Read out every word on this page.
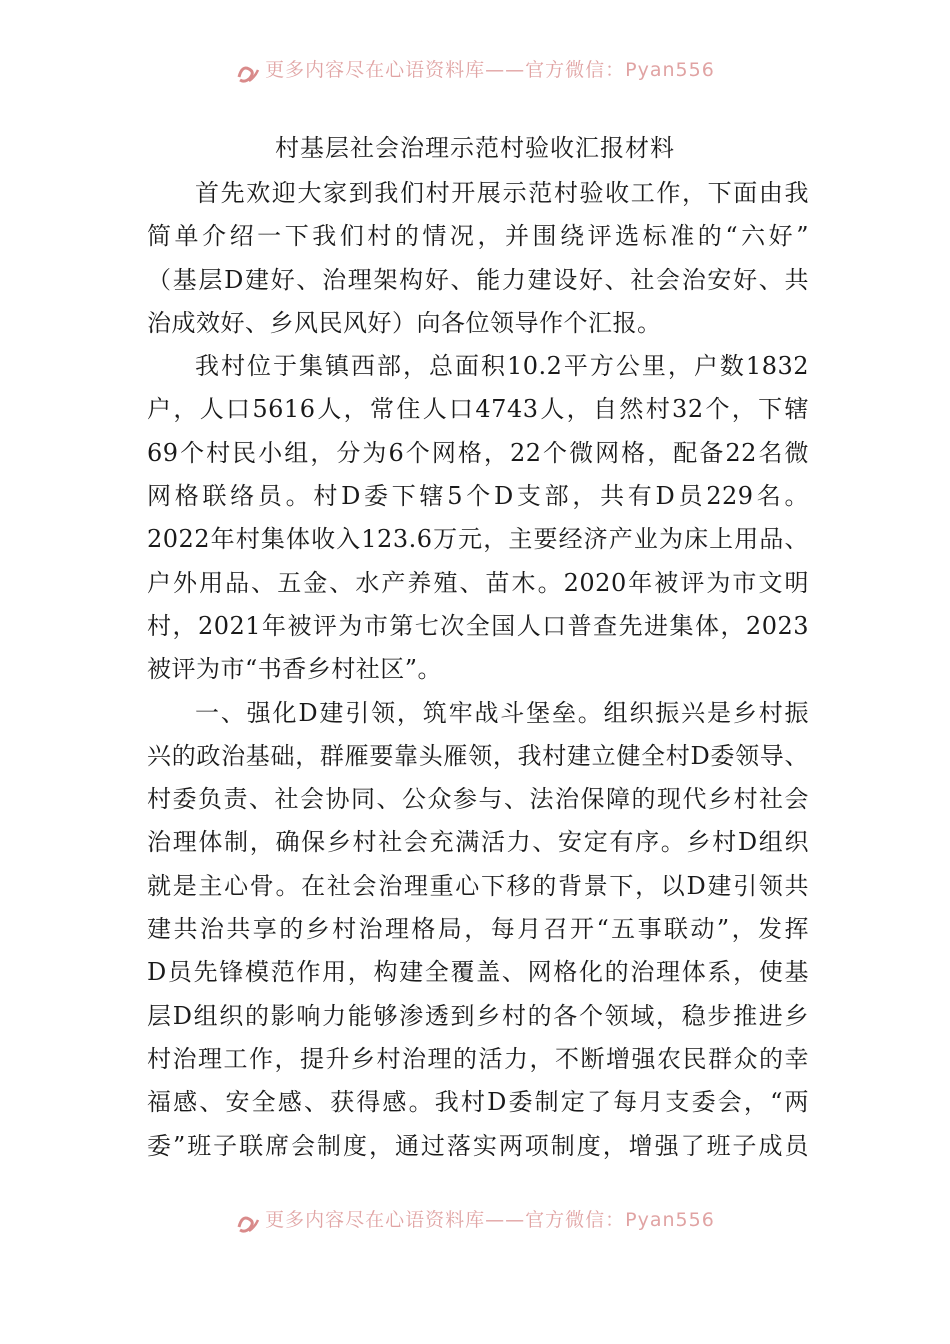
更多内容尽在心语资料库——官方微信：Pyan556
村基层社会治理示范村验收汇报材料
首先欢迎大家到我们村开展示范村验收工作，下面由我
简单介绍一下我们村的情况，并围绕评选标准的“六好”
（基层D建好、治理架构好、能力建设好、社会治安好、共
治成效好、乡风民风好）向各位领导作个汇报。
我村位于集镇西部，总面积10.2平方公里，户数1832
户，人口5616人，常住人口4743人，自然村32个，下辖
69个村民小组，分为6个网格，22个微网格，配备22名微
网格联络员。村D委下辖5个D支部，共有D员229名。
2022年村集体收入123.6万元，主要经济产业为床上用品、
户外用品、五金、水产养殖、苗木。2020年被评为市文明
村，2021年被评为市第七次全国人口普查先进集体，2023
被评为市“书香乡村社区”。
一、强化D建引领，筑牢战斗堡垒。组织振兴是乡村振
兴的政治基础，群雁要靠头雁领，我村建立健全村D委领导、
村委负责、社会协同、公众参与、法治保障的现代乡村社会
治理体制，确保乡村社会充满活力、安定有序。乡村D组织
就是主心骨。在社会治理重心下移的背景下，以D建引领共
建共治共享的乡村治理格局，每月召开“五事联动”，发挥
D员先锋模范作用，构建全覆盖、网格化的治理体系，使基
层D组织的影响力能够渗透到乡村的各个领域，稳步推进乡
村治理工作，提升乡村治理的活力，不断增强农民群众的幸
福感、安全感、获得感。我村D委制定了每月支委会，“两
委”班子联席会制度，通过落实两项制度，增强了班子成员
更多内容尽在心语资料库——官方微信：Pyan556
